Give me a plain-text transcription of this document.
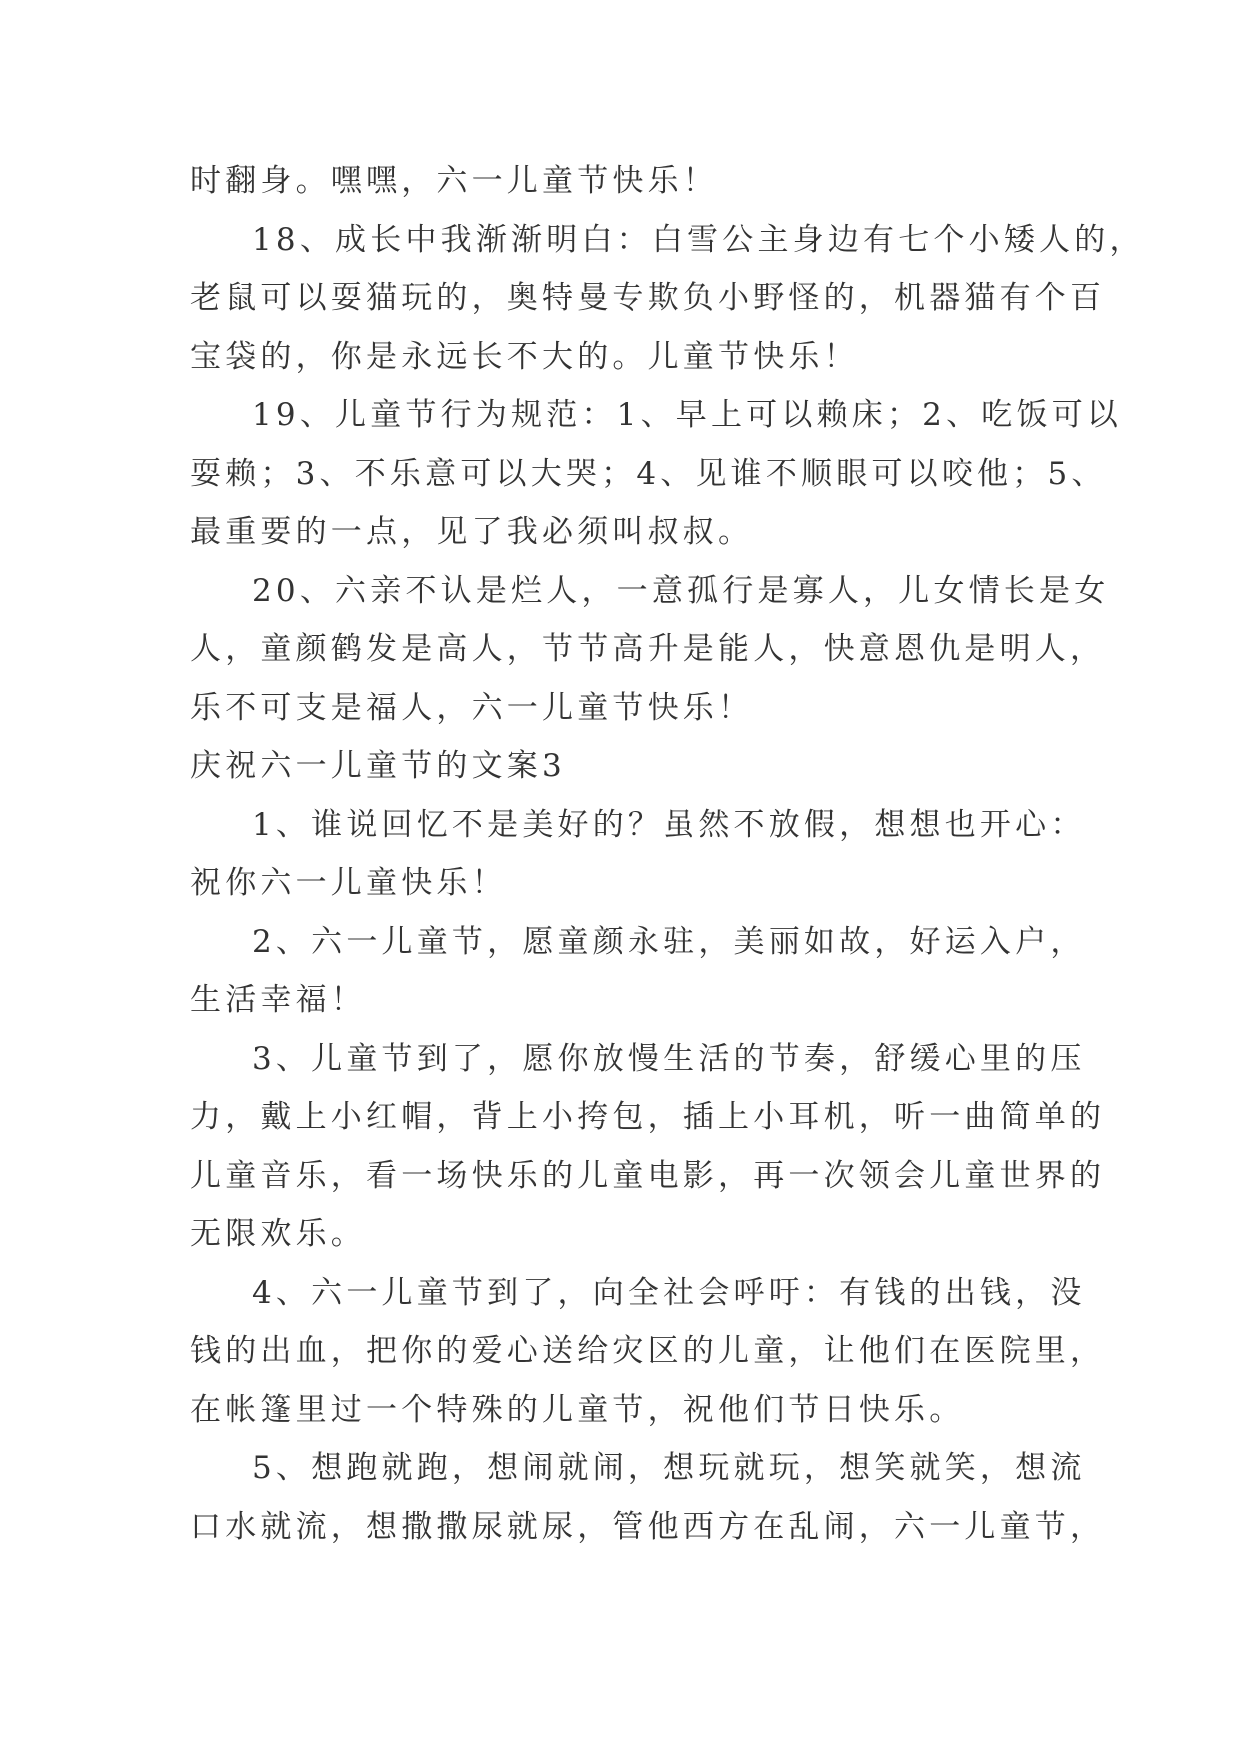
时翻身。嘿嘿，六一儿童节快乐！
18、成长中我渐渐明白：白雪公主身边有七个小矮人的，
老鼠可以耍猫玩的，奥特曼专欺负小野怪的，机器猫有个百
宝袋的，你是永远长不大的。儿童节快乐！
19、儿童节行为规范：1、早上可以赖床；2、吃饭可以
耍赖；3、不乐意可以大哭；4、见谁不顺眼可以咬他；5、
最重要的一点，见了我必须叫叔叔。
20、六亲不认是烂人，一意孤行是寡人，儿女情长是女
人，童颜鹤发是高人，节节高升是能人，快意恩仇是明人，
乐不可支是福人，六一儿童节快乐！
庆祝六一儿童节的文案3
1、谁说回忆不是美好的？虽然不放假，想想也开心：
祝你六一儿童快乐！
2、六一儿童节，愿童颜永驻，美丽如故，好运入户，
生活幸福！
3、儿童节到了，愿你放慢生活的节奏，舒缓心里的压
力，戴上小红帽，背上小挎包，插上小耳机，听一曲简单的
儿童音乐，看一场快乐的儿童电影，再一次领会儿童世界的
无限欢乐。
4、六一儿童节到了，向全社会呼吁：有钱的出钱，没
钱的出血，把你的爱心送给灾区的儿童，让他们在医院里，
在帐篷里过一个特殊的儿童节，祝他们节日快乐。
5、想跑就跑，想闹就闹，想玩就玩，想笑就笑，想流
口水就流，想撒撒尿就尿，管他西方在乱闹，六一儿童节，
